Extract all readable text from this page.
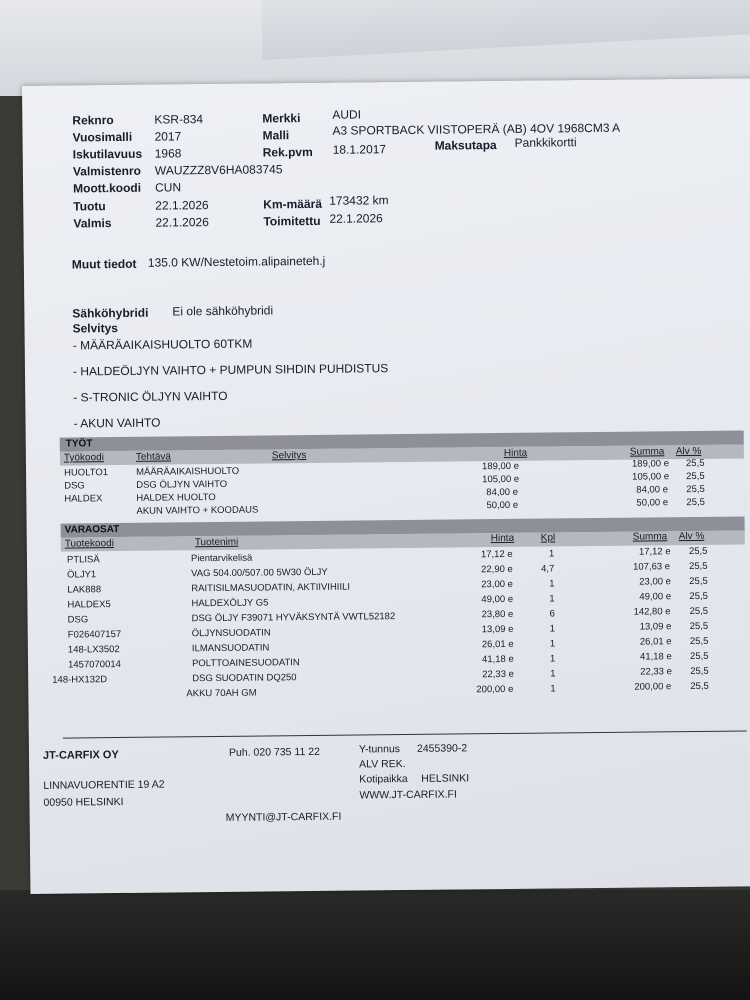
Reknro	KSR-834	Merkki	AUDI
Vuosimalli 2017	Malli	A3 SPORTBACK VIISTOPERÄ (AB) 4OV 1968CM3 A
Iskutilavuus 1968	Rek.pvm 18.1.2017	Maksutapa Pankkikortti
Valmistenro WAUZZZ8V6HA083745
Moott.koodi CUN
Tuotu	22.1.2026	Km-määrä 173432 km
Valmis	22.1.2026	Toimitettu 22.1.2026
Muut tiedot 135.0 KW/Nestetoim.alipaineteh.j
Sähköhybridi Ei ole sähköhybridi
Selvitys
- MÄÄRÄAIKAISHUOLTO 60TKM
- HALDEÖLJYN VAIHTO + PUMPUN SIHDIN PUHDISTUS
- S-TRONIC ÖLJYN VAIHTO
- AKUN VAIHTO
TYÖT
Työkoodi	Tehtävä	Selvitys	Hinta	Summa Alv %
HUOLTO1	MÄÄRÄAIKAISHUOLTO	189,00 e	189,00 e 25,5
DSG	DSG ÖLJYN VAIHTO	105,00 e	105,00 e 25,5
HALDEX	HALDEX HUOLTO	84,00 e	84,00 e 25,5
AKUN VAIHTO + KOODAUS	50,00 e	50,00 e 25,5
VARAOSAT
Tuotekoodi	Tuotenimi	Hinta	Kpl	Summa Alv %
PTLISÄ	Pientarvikelisä	17,12 e	1	17,12 e 25,5
ÖLJY1	VAG 504.00/507.00 5W30 ÖLJY	22,90 e	4,7	107,63 e 25,5
LAK888	RAITISILMASUODATIN, AKTIIVIHIILI	23,00 e	1	23,00 e 25,5
HALDEX5	HALDEXÖLJY G5	49,00 e	1	49,00 e 25,5
DSG	DSG ÖLJY F39071 HYVÄKSYNTÄ VWTL52182	23,80 e	6	142,80 e 25,5
F026407157	ÖLJYNSUODATIN	13,09 e	1	13,09 e 25,5
148-LX3502	ILMANSUODATIN	26,01 e	1	26,01 e 25,5
1457070014	POLTTOAINESUODATIN	41,18 e	1	41,18 e 25,5
148-HX132D	DSG SUODATIN DQ250	22,33 e	1	22,33 e 25,5
AKKU 70AH GM	200,00 e	1	200,00 e 25,5
JT-CARFIX OY	Puh. 020 735 11 22	Y-tunnus 2455390-2
ALV REK.
Kotipaikka HELSINKI
LINNAVUORENTIE 19 A2
00950 HELSINKI
WWW.JT-CARFIX.FI
MYYNTI@JT-CARFIX.FI
